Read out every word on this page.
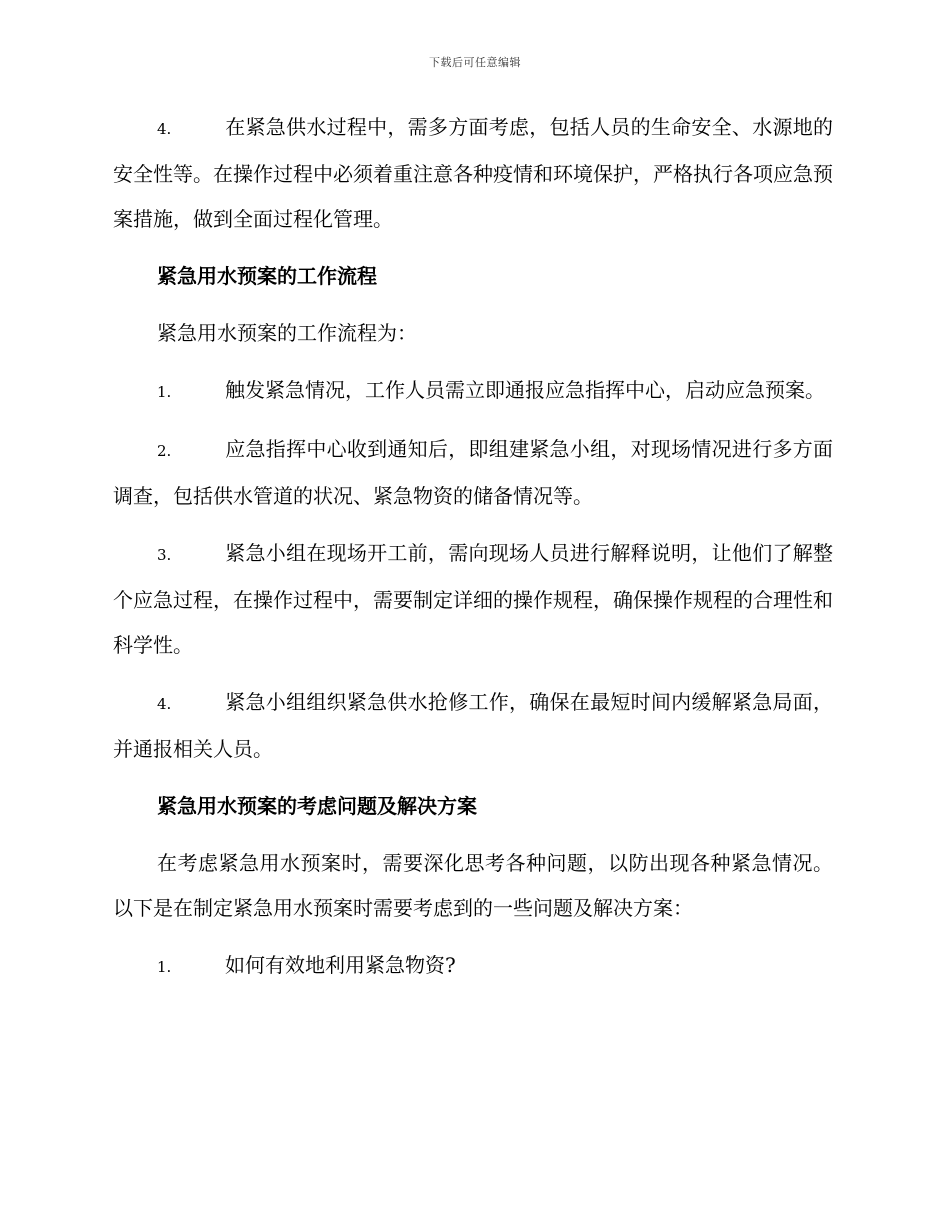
下载后可任意编辑

4.	在紧急供水过程中，需多方面考虑，包括人员的生命安全、水源地的安全性等。在操作过程中必须着重注意各种疫情和环境保护，严格执行各项应急预案措施，做到全面过程化管理。

紧急用水预案的工作流程

紧急用水预案的工作流程为：

1.	触发紧急情况，工作人员需立即通报应急指挥中心，启动应急预案。

2.	应急指挥中心收到通知后，即组建紧急小组，对现场情况进行多方面调查，包括供水管道的状况、紧急物资的储备情况等。

3.	紧急小组在现场开工前，需向现场人员进行解释说明，让他们了解整个应急过程，在操作过程中，需要制定详细的操作规程，确保操作规程的合理性和科学性。

4.	紧急小组组织紧急供水抢修工作，确保在最短时间内缓解紧急局面，并通报相关人员。

紧急用水预案的考虑问题及解决方案

在考虑紧急用水预案时，需要深化思考各种问题，以防出现各种紧急情况。以下是在制定紧急用水预案时需要考虑到的一些问题及解决方案：

1.	如何有效地利用紧急物资?
